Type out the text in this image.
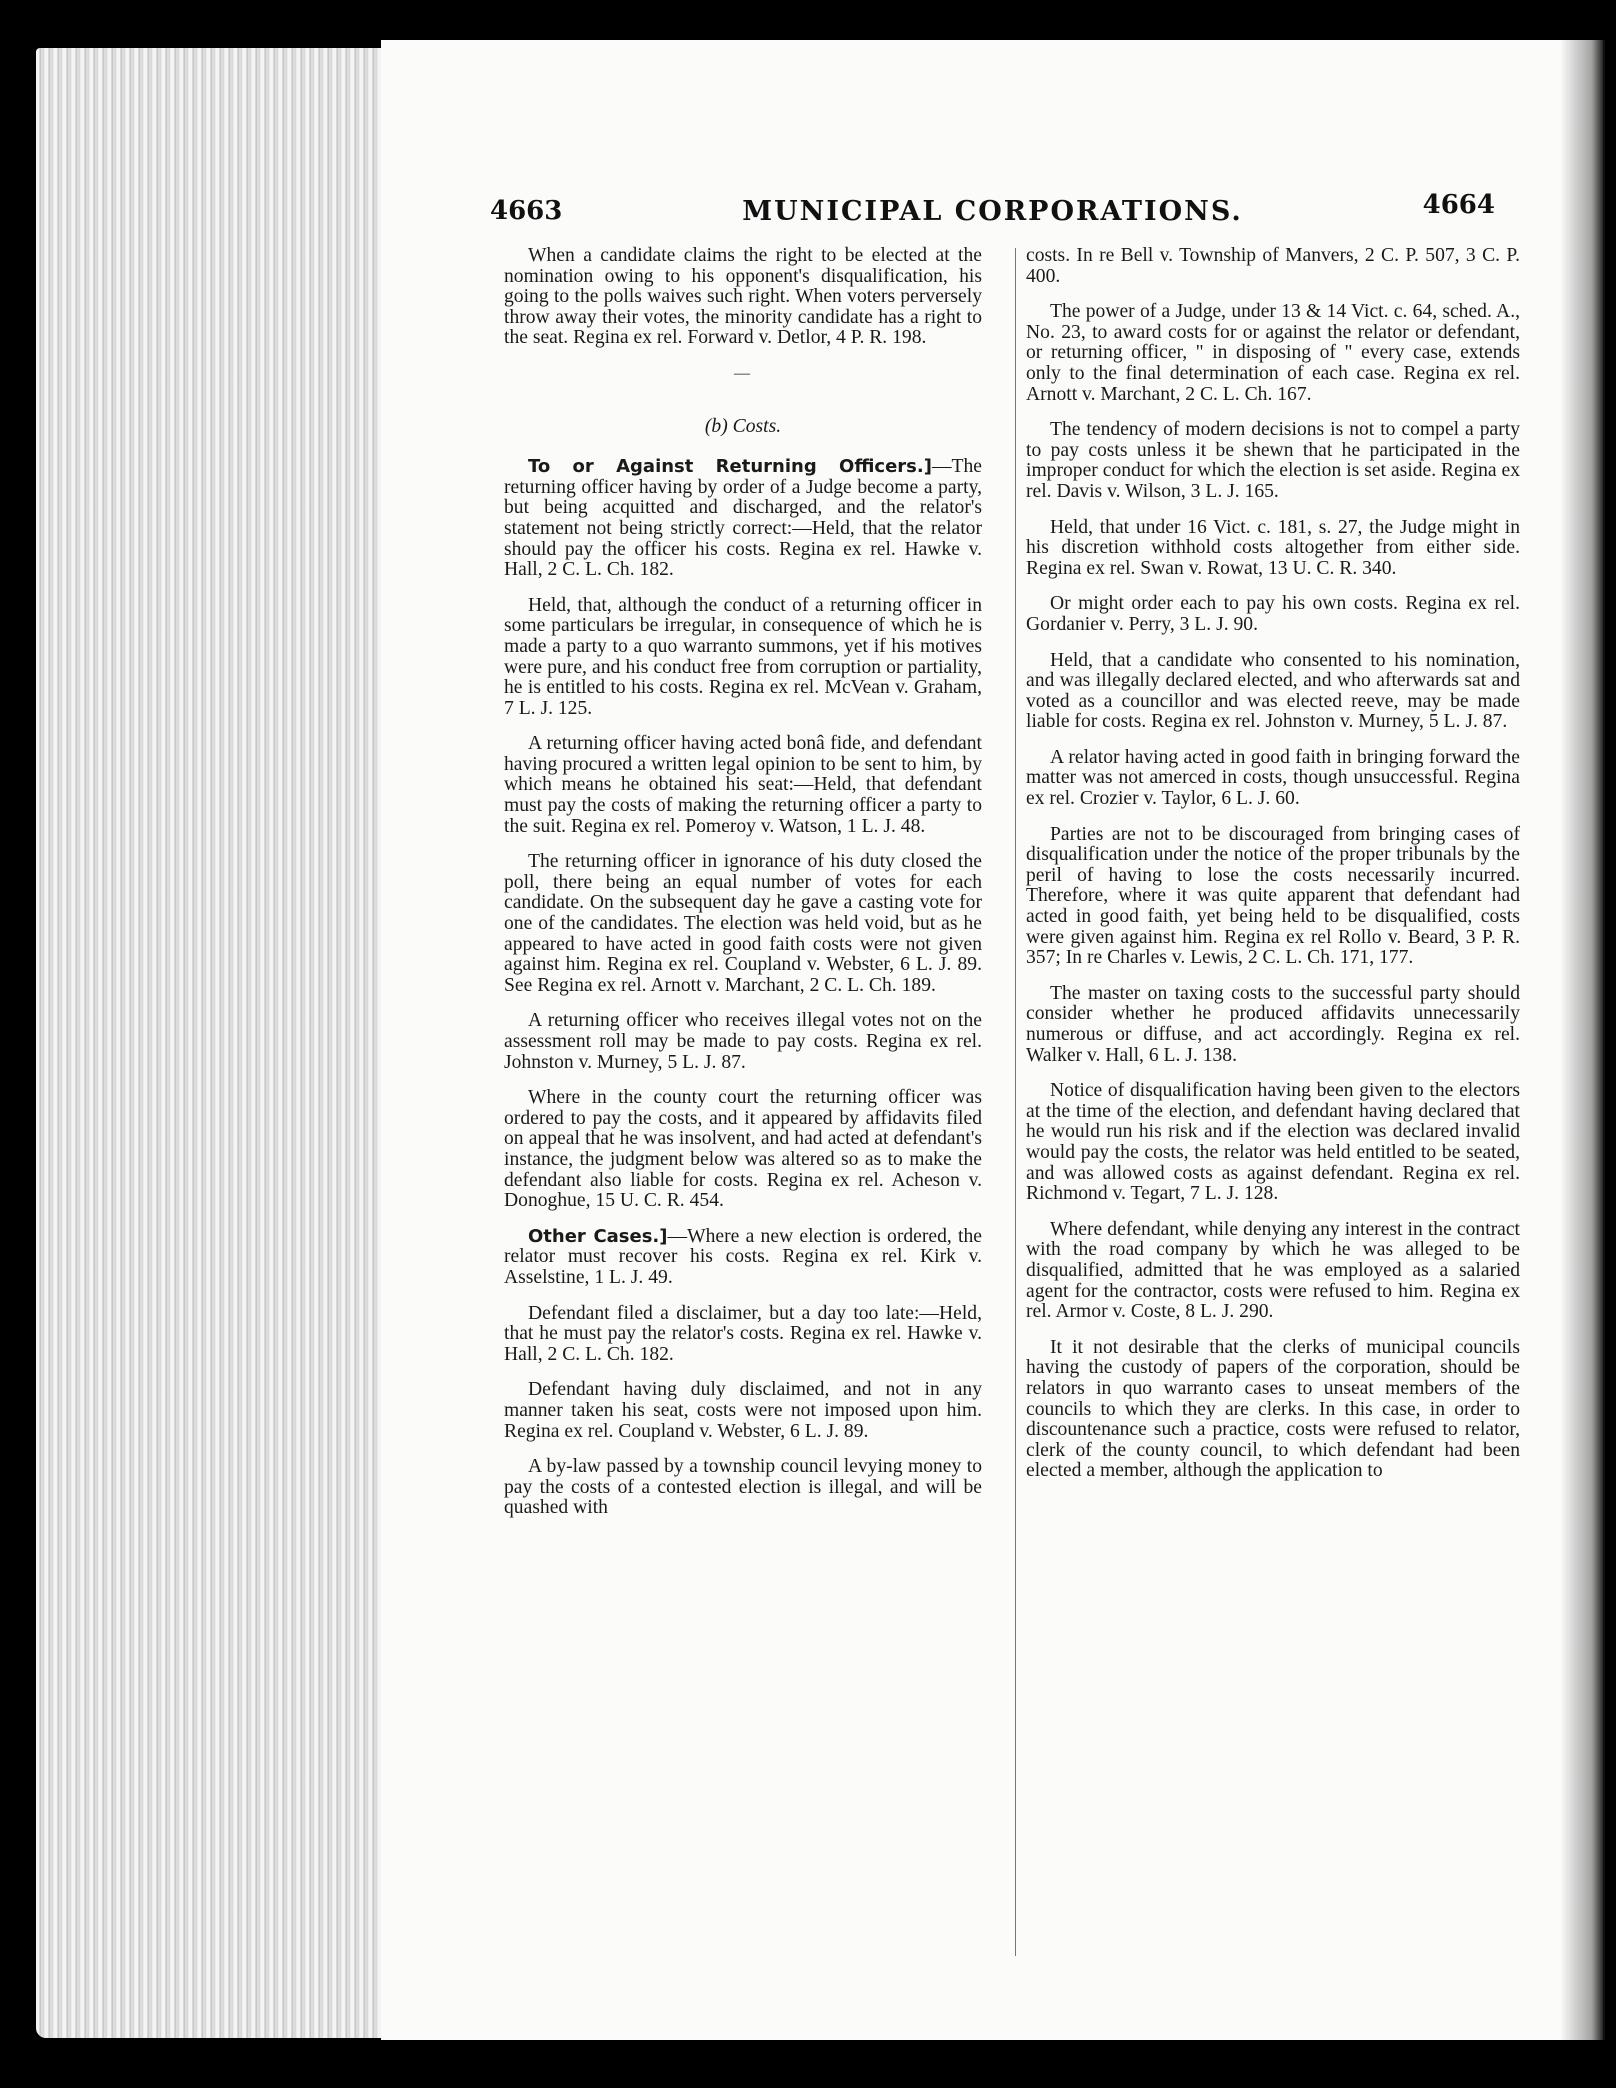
4663	MUNICIPAL CORPORATIONS.	4664

When a candidate claims the right to be elected at the nomination owing to his opponent's disqualification, his going to the polls waives such right. When voters perversely throw away their votes, the minority candidate has a right to the seat. Regina ex rel. Forward v. Detlor, 4 P. R. 198.

—
(b) Costs.

To or Against Returning Officers.]—The returning officer having by order of a Judge become a party, but being acquitted and discharged, and the relator's statement not being strictly correct:—Held, that the relator should pay the officer his costs. Regina ex rel. Hawke v. Hall, 2 C. L. Ch. 182.

Held, that, although the conduct of a returning officer in some particulars be irregular, in consequence of which he is made a party to a quo warranto summons, yet if his motives were pure, and his conduct free from corruption or partiality, he is entitled to his costs. Regina ex rel. McVean v. Graham, 7 L. J. 125.

A returning officer having acted bonâ fide, and defendant having procured a written legal opinion to be sent to him, by which means he obtained his seat:—Held, that defendant must pay the costs of making the returning officer a party to the suit. Regina ex rel. Pomeroy v. Watson, 1 L. J. 48.

The returning officer in ignorance of his duty closed the poll, there being an equal number of votes for each candidate. On the subsequent day he gave a casting vote for one of the candidates. The election was held void, but as he appeared to have acted in good faith costs were not given against him. Regina ex rel. Coupland v. Webster, 6 L. J. 89. See Regina ex rel. Arnott v. Marchant, 2 C. L. Ch. 189.

A returning officer who receives illegal votes not on the assessment roll may be made to pay costs. Regina ex rel. Johnston v. Murney, 5 L. J. 87.

Where in the county court the returning officer was ordered to pay the costs, and it appeared by affidavits filed on appeal that he was insolvent, and had acted at defendant's instance, the judgment below was altered so as to make the defendant also liable for costs. Regina ex rel. Acheson v. Donoghue, 15 U. C. R. 454.

Other Cases.]—Where a new election is ordered, the relator must recover his costs. Regina ex rel. Kirk v. Asselstine, 1 L. J. 49.

Defendant filed a disclaimer, but a day too late:—Held, that he must pay the relator's costs. Regina ex rel. Hawke v. Hall, 2 C. L. Ch. 182.

Defendant having duly disclaimed, and not in any manner taken his seat, costs were not imposed upon him. Regina ex rel. Coupland v. Webster, 6 L. J. 89.

A by-law passed by a township council levying money to pay the costs of a contested election is illegal, and will be quashed with

costs. In re Bell v. Township of Manvers, 2 C. P. 507, 3 C. P. 400.

The power of a Judge, under 13 & 14 Vict. c. 64, sched. A., No. 23, to award costs for or against the relator or defendant, or returning officer, " in disposing of " every case, extends only to the final determination of each case. Regina ex rel. Arnott v. Marchant, 2 C. L. Ch. 167.

The tendency of modern decisions is not to compel a party to pay costs unless it be shewn that he participated in the improper conduct for which the election is set aside. Regina ex rel. Davis v. Wilson, 3 L. J. 165.

Held, that under 16 Vict. c. 181, s. 27, the Judge might in his discretion withhold costs altogether from either side. Regina ex rel. Swan v. Rowat, 13 U. C. R. 340.

Or might order each to pay his own costs. Regina ex rel. Gordanier v. Perry, 3 L. J. 90.

Held, that a candidate who consented to his nomination, and was illegally declared elected, and who afterwards sat and voted as a councillor and was elected reeve, may be made liable for costs. Regina ex rel. Johnston v. Murney, 5 L. J. 87.

A relator having acted in good faith in bringing forward the matter was not amerced in costs, though unsuccessful. Regina ex rel. Crozier v. Taylor, 6 L. J. 60.

Parties are not to be discouraged from bringing cases of disqualification under the notice of the proper tribunals by the peril of having to lose the costs necessarily incurred. Therefore, where it was quite apparent that defendant had acted in good faith, yet being held to be disqualified, costs were given against him. Regina ex rel Rollo v. Beard, 3 P. R. 357; In re Charles v. Lewis, 2 C. L. Ch. 171, 177.

The master on taxing costs to the successful party should consider whether he produced affidavits unnecessarily numerous or diffuse, and act accordingly. Regina ex rel. Walker v. Hall, 6 L. J. 138.

Notice of disqualification having been given to the electors at the time of the election, and defendant having declared that he would run his risk and if the election was declared invalid would pay the costs, the relator was held entitled to be seated, and was allowed costs as against defendant. Regina ex rel. Richmond v. Tegart, 7 L. J. 128.

Where defendant, while denying any interest in the contract with the road company by which he was alleged to be disqualified, admitted that he was employed as a salaried agent for the contractor, costs were refused to him. Regina ex rel. Armor v. Coste, 8 L. J. 290.

It it not desirable that the clerks of municipal councils having the custody of papers of the corporation, should be relators in quo warranto cases to unseat members of the councils to which they are clerks. In this case, in order to discountenance such a practice, costs were refused to relator, clerk of the county council, to which defendant had been elected a member, although the application to
